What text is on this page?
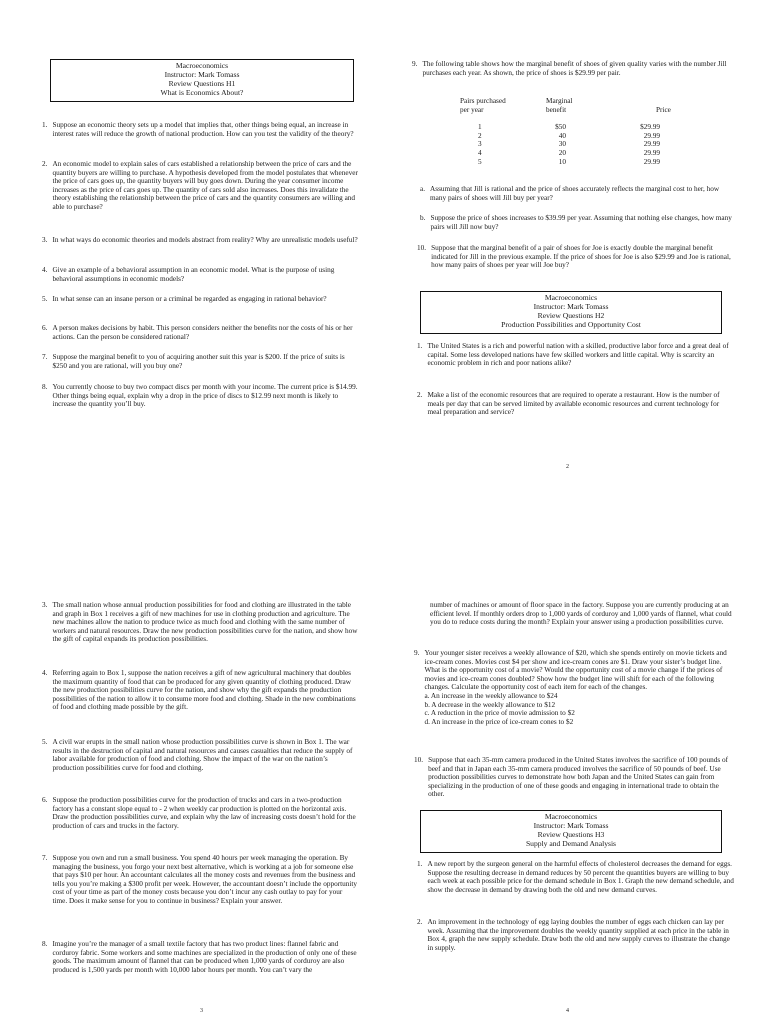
Macroeconomics
Instructor: Mark Tomass
Review Questions H1
What is Economics About?
1. Suppose an economic theory sets up a model that implies that, other things being equal, an increase in interest rates will reduce the growth of national production. How can you test the validity of the theory?
2. An economic model to explain sales of cars established a relationship between the price of cars and the quantity buyers are willing to purchase. A hypothesis developed from the model postulates that whenever the price of cars goes up, the quantity buyers will buy goes down. During the year consumer income increases as the price of cars goes up. The quantity of cars sold also increases. Does this invalidate the theory establishing the relationship between the price of cars and the quantity consumers are willing and able to purchase?
3. In what ways do economic theories and models abstract from reality? Why are unrealistic models useful?
4. Give an example of a behavioral assumption in an economic model. What is the purpose of using behavioral assumptions in economic models?
5. In what sense can an insane person or a criminal be regarded as engaging in rational behavior?
6. A person makes decisions by habit. This person considers neither the benefits nor the costs of his or her actions. Can the person be considered rational?
7. Suppose the marginal benefit to you of acquiring another suit this year is $200. If the price of suits is $250 and you are rational, will you buy one?
8. You currently choose to buy two compact discs per month with your income. The current price is $14.99. Other things being equal, explain why a drop in the price of discs to $12.99 next month is likely to increase the quantity you’ll buy.
9. The following table shows how the marginal benefit of shoes of given quality varies with the number Jill purchases each year. As shown, the price of shoes is $29.99 per pair.
Pairs purchased
per year
1
2
3
4
5
Marginal
benefit
$50
40
30
20
10

Price
$29.99
29.99
29.99
29.99
29.99
a. Assuming that Jill is rational and the price of shoes accurately reflects the marginal cost to her, how many pairs of shoes will Jill buy per year?
b. Suppose the price of shoes increases to $39.99 per year. Assuming that nothing else changes, how many pairs will Jill now buy?
10. Suppose that the marginal benefit of a pair of shoes for Joe is exactly double the marginal benefit indicated for Jill in the previous example. If the price of shoes for Joe is also $29.99 and Joe is rational, how many pairs of shoes per year will Joe buy?
Macroeconomics
Instructor: Mark Tomass
Review Questions H2
Production Possibilities and Opportunity Cost
1. The United States is a rich and powerful nation with a skilled, productive labor force and a great deal of capital. Some less developed nations have few skilled workers and little capital. Why is scarcity an economic problem in rich and poor nations alike?
2. Make a list of the economic resources that are required to operate a restaurant. How is the number of meals per day that can be served limited by available economic resources and current technology for meal preparation and service?
2
3. The small nation whose annual production possibilities for food and clothing are illustrated in the table and graph in Box 1 receives a gift of new machines for use in clothing production and agriculture. The new machines allow the nation to produce twice as much food and clothing with the same number of workers and natural resources. Draw the new production possibilities curve for the nation, and show how the gift of capital expands its production possibilities.
4. Referring again to Box 1, suppose the nation receives a gift of new agricultural machinery that doubles the maximum quantity of food that can be produced for any given quantity of clothing produced. Draw the new production possibilities curve for the nation, and show why the gift expands the production possibilities of the nation to allow it to consume more food and clothing. Shade in the new combinations of food and clothing made possible by the gift.
5. A civil war erupts in the small nation whose production possibilities curve is shown in Box 1. The war results in the destruction of capital and natural resources and causes casualties that reduce the supply of labor available for production of food and clothing. Show the impact of the war on the nation’s production possibilities curve for food and clothing.
6. Suppose the production possibilities curve for the production of trucks and cars in a two-production factory has a constant slope equal to - 2 when weekly car production is plotted on the horizontal axis. Draw the production possibilities curve, and explain why the law of increasing costs doesn’t hold for the production of cars and trucks in the factory.
7. Suppose you own and run a small business. You spend 40 hours per week managing the operation. By managing the business, you forgo your next best alternative, which is working at a job for someone else that pays $10 per hour. An accountant calculates all the money costs and revenues from the business and tells you you’re making a $300 profit per week. However, the accountant doesn’t include the opportunity cost of your time as part of the money costs because you don’t incur any cash outlay to pay for your time. Does it make sense for you to continue in business? Explain your answer.
8. Imagine you’re the manager of a small textile factory that has two product lines: flannel fabric and corduroy fabric. Some workers and some machines are specialized in the production of only one of these goods. The maximum amount of flannel that can be produced when 1,000 yards of corduroy are also produced is 1,500 yards per month with 10,000 labor hours per month. You can’t vary the
3
number of machines or amount of floor space in the factory. Suppose you are currently producing at an efficient level. If monthly orders drop to 1,000 yards of corduroy and 1,000 yards of flannel, what could you do to reduce costs during the month? Explain your answer using a production possibilities curve.
9. Your younger sister receives a weekly allowance of $20, which she spends entirely on movie tickets and ice-cream cones. Movies cost $4 per show and ice-cream cones are $1. Draw your sister’s budget line. What is the opportunity cost of a movie? Would the opportunity cost of a movie change if the prices of movies and ice-cream cones doubled? Show how the budget line will shift for each of the following changes. Calculate the opportunity cost of each item for each of the changes.
a. An increase in the weekly allowance to $24
b. A decrease in the weekly allowance to $12
c. A reduction in the price of movie admission to $2
d. An increase in the price of ice-cream cones to $2
10. Suppose that each 35-mm camera produced in the United States involves the sacrifice of 100 pounds of beef and that in Japan each 35-mm camera produced involves the sacrifice of 50 pounds of beef. Use production possibilities curves to demonstrate how both Japan and the United States can gain from specializing in the production of one of these goods and engaging in international trade to obtain the other.
Macroeconomics
Instructor: Mark Tomass
Review Questions H3
Supply and Demand Analysis
1. A new report by the surgeon general on the harmful effects of cholesterol decreases the demand for eggs. Suppose the resulting decrease in demand reduces by 50 percent the quantities buyers are willing to buy each week at each possible price for the demand schedule in Box 1. Graph the new demand schedule, and show the decrease in demand by drawing both the old and new demand curves.
2. An improvement in the technology of egg laying doubles the number of eggs each chicken can lay per week. Assuming that the improvement doubles the weekly quantity supplied at each price in the table in Box 4, graph the new supply schedule. Draw both the old and new supply curves to illustrate the change in supply.
4
